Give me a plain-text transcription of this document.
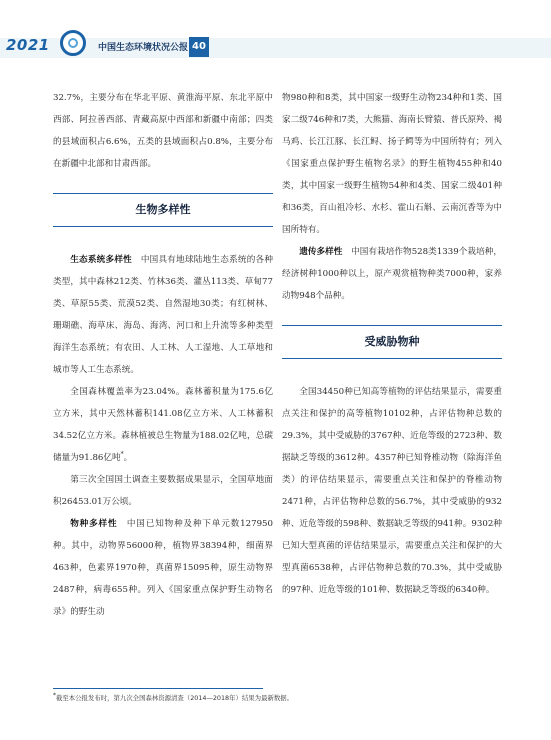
2021	中国生态环境状况公报 40

32.7%，主要分布在华北平原、黄淮海平原、东北平原中西部、阿拉善西部、青藏高原中西部和新疆中南部；四类的县域面积占6.6%，五类的县域面积占0.8%，主要分布在新疆中北部和甘肃西部。

生物多样性

生态系统多样性　 中国具有地球陆地生态系统的各种类型，其中森林212类、竹林36类、灌丛113类、草甸77类、草原55类、荒漠52类、自然湿地30类；有红树林、珊瑚礁、海草床、海岛、海湾、河口和上升流等多种类型海洋生态系统；有农田、人工林、人工湿地、人工草地和城市等人工生态系统。

全国森林覆盖率为23.04%。森林蓄积量为175.6亿立方米，其中天然林蓄积141.08亿立方米、人工林蓄积34.52亿立方米。森林植被总生物量为188.02亿吨，总碳储量为91.86亿吨*。

第三次全国国土调查主要数据成果显示，全国草地面积26453.01万公顷。

物种多样性　 中国已知物种及种下单元数127950种。其中，动物界56000种，植物界38394种，细菌界463种，色素界1970种，真菌界15095种，原生动物界2487种，病毒655种。列入《国家重点保护野生动物名录》的野生动

物980种和8类，其中国家一级野生动物234种和1类、国家二级746种和7类，大熊猫、海南长臂猿、普氏原羚、褐马鸡、长江江豚、长江鲟、扬子鳄等为中国所特有；列入《国家重点保护野生植物名录》的野生植物455种和40类，其中国家一级野生植物54种和4类、国家二级401种和36类，百山祖冷杉、水杉、霍山石斛、云南沉香等为中国所特有。

遗传多样性　 中国有栽培作物528类1339个栽培种，经济树种1000种以上，原产观赏植物种类7000种，家养动物948个品种。

受威胁物种

全国34450种已知高等植物的评估结果显示，需要重点关注和保护的高等植物10102种，占评估物种总数的29.3%，其中受威胁的3767种、近危等级的2723种、数据缺乏等级的3612种。4357种已知脊椎动物（除海洋鱼类）的评估结果显示，需要重点关注和保护的脊椎动物2471种，占评估物种总数的56.7%，其中受威胁的932种、近危等级的598种、数据缺乏等级的941种。9302种已知大型真菌的评估结果显示，需要重点关注和保护的大型真菌6538种，占评估物种总数的70.3%，其中受威胁的97种、近危等级的101种、数据缺乏等级的6340种。

*截至本公报发布时，第九次全国森林资源清查（2014—2018年）结果为最新数据。
